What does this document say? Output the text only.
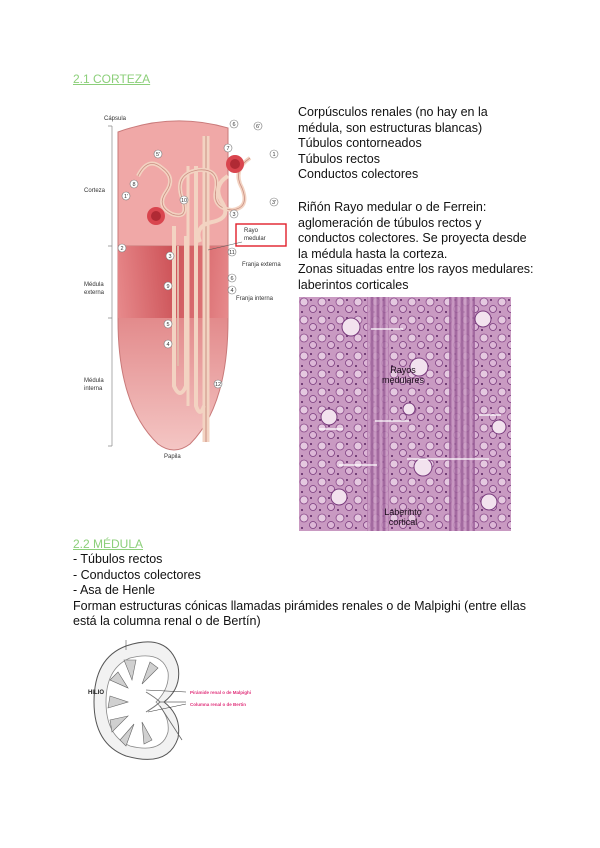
2.1 CORTEZA
6	6'
7
1
5'
8
1'
10	3'
3
2
11
3
6
4
9
5
4
12
Cápsula
Corteza
Médula
externa
Médula
interna
Franja externa
Franja interna
Papila
Rayo
medular
Corpúsculos renales (no hay en la
médula, son estructuras blancas)
Túbulos contorneados
Túbulos rectos
Conductos colectores
Riñón Rayo medular o de Ferrein:
aglomeración de túbulos rectos y
conductos colectores. Se proyecta desde
la médula hasta la corteza.
Zonas situadas entre los rayos medulares:
laberintos corticales
Rayos
medulares
Laberinto
cortical
2.2 MÉDULA
- Túbulos rectos
- Conductos colectores
- Asa de Henle
Forman estructuras cónicas llamadas pirámides renales o de Malpighi (entre ellas
está la columna renal o de Bertín)
HILIO	Pirámide renal o de Malpighi
Columna renal o de Bertin
